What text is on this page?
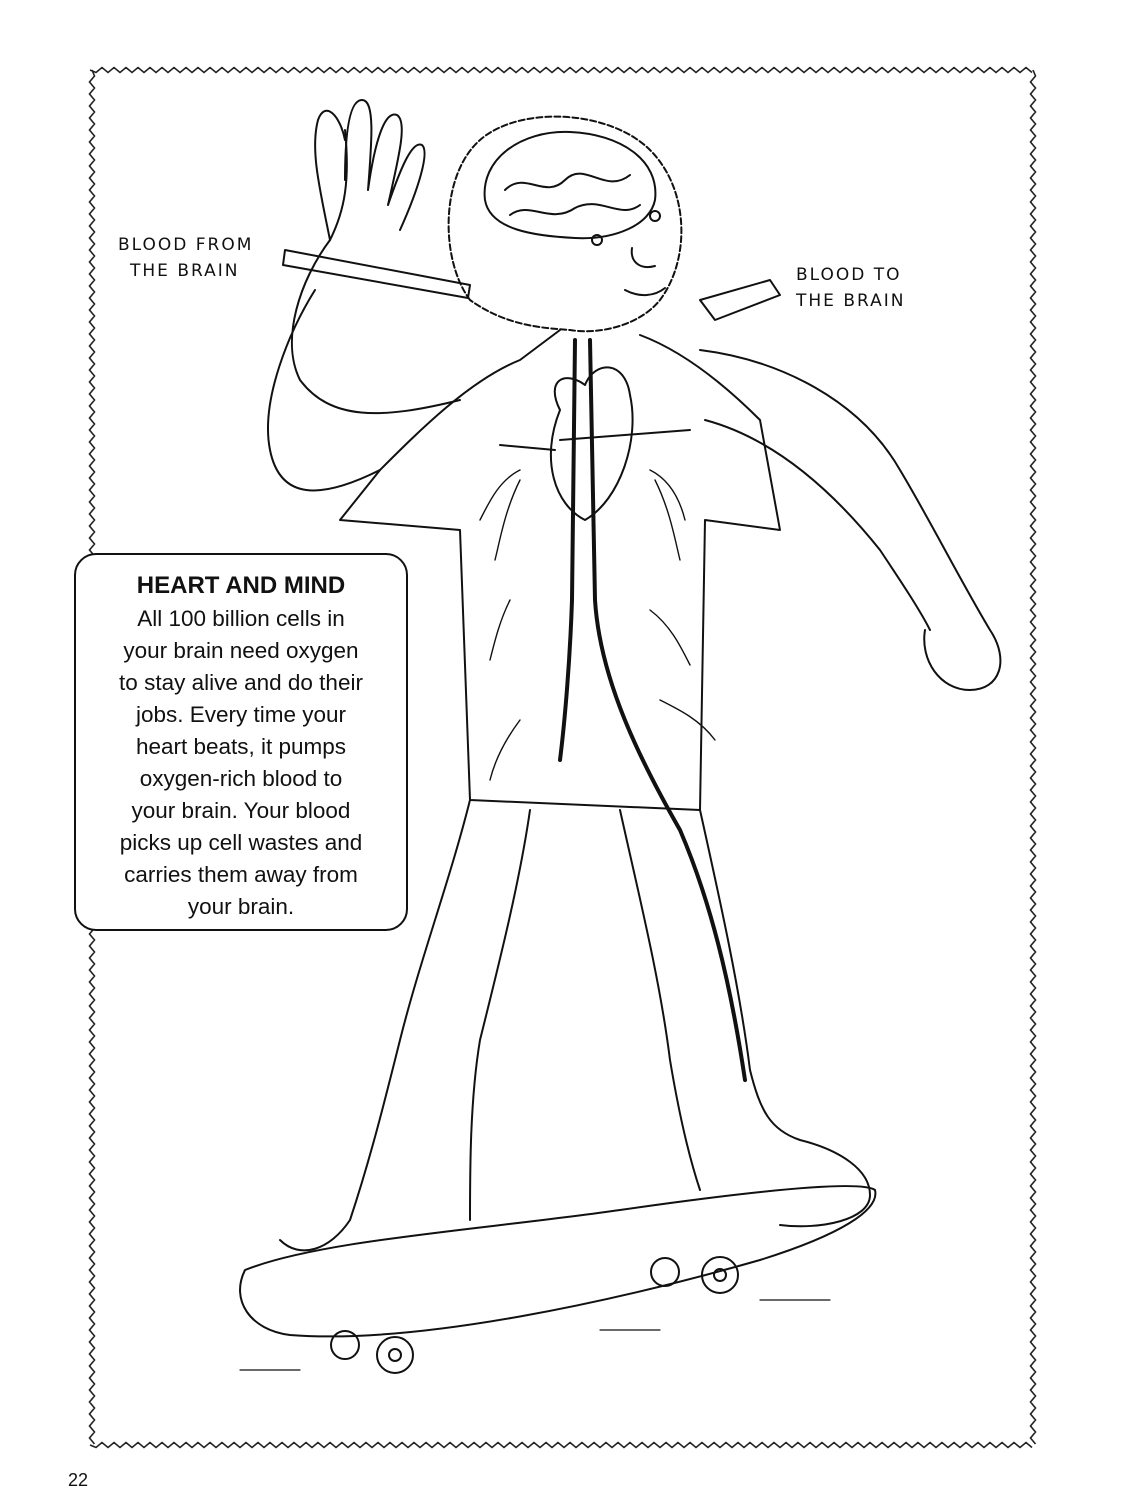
BLOOD FROM
THE BRAIN	BLOOD TO
THE BRAIN
HEART AND MIND
All 100 billion cells in
your brain need oxygen
to stay alive and do their
jobs. Every time your
heart beats, it pumps
oxygen-rich blood to
your brain. Your blood
picks up cell wastes and
carries them away from
your brain.
22
